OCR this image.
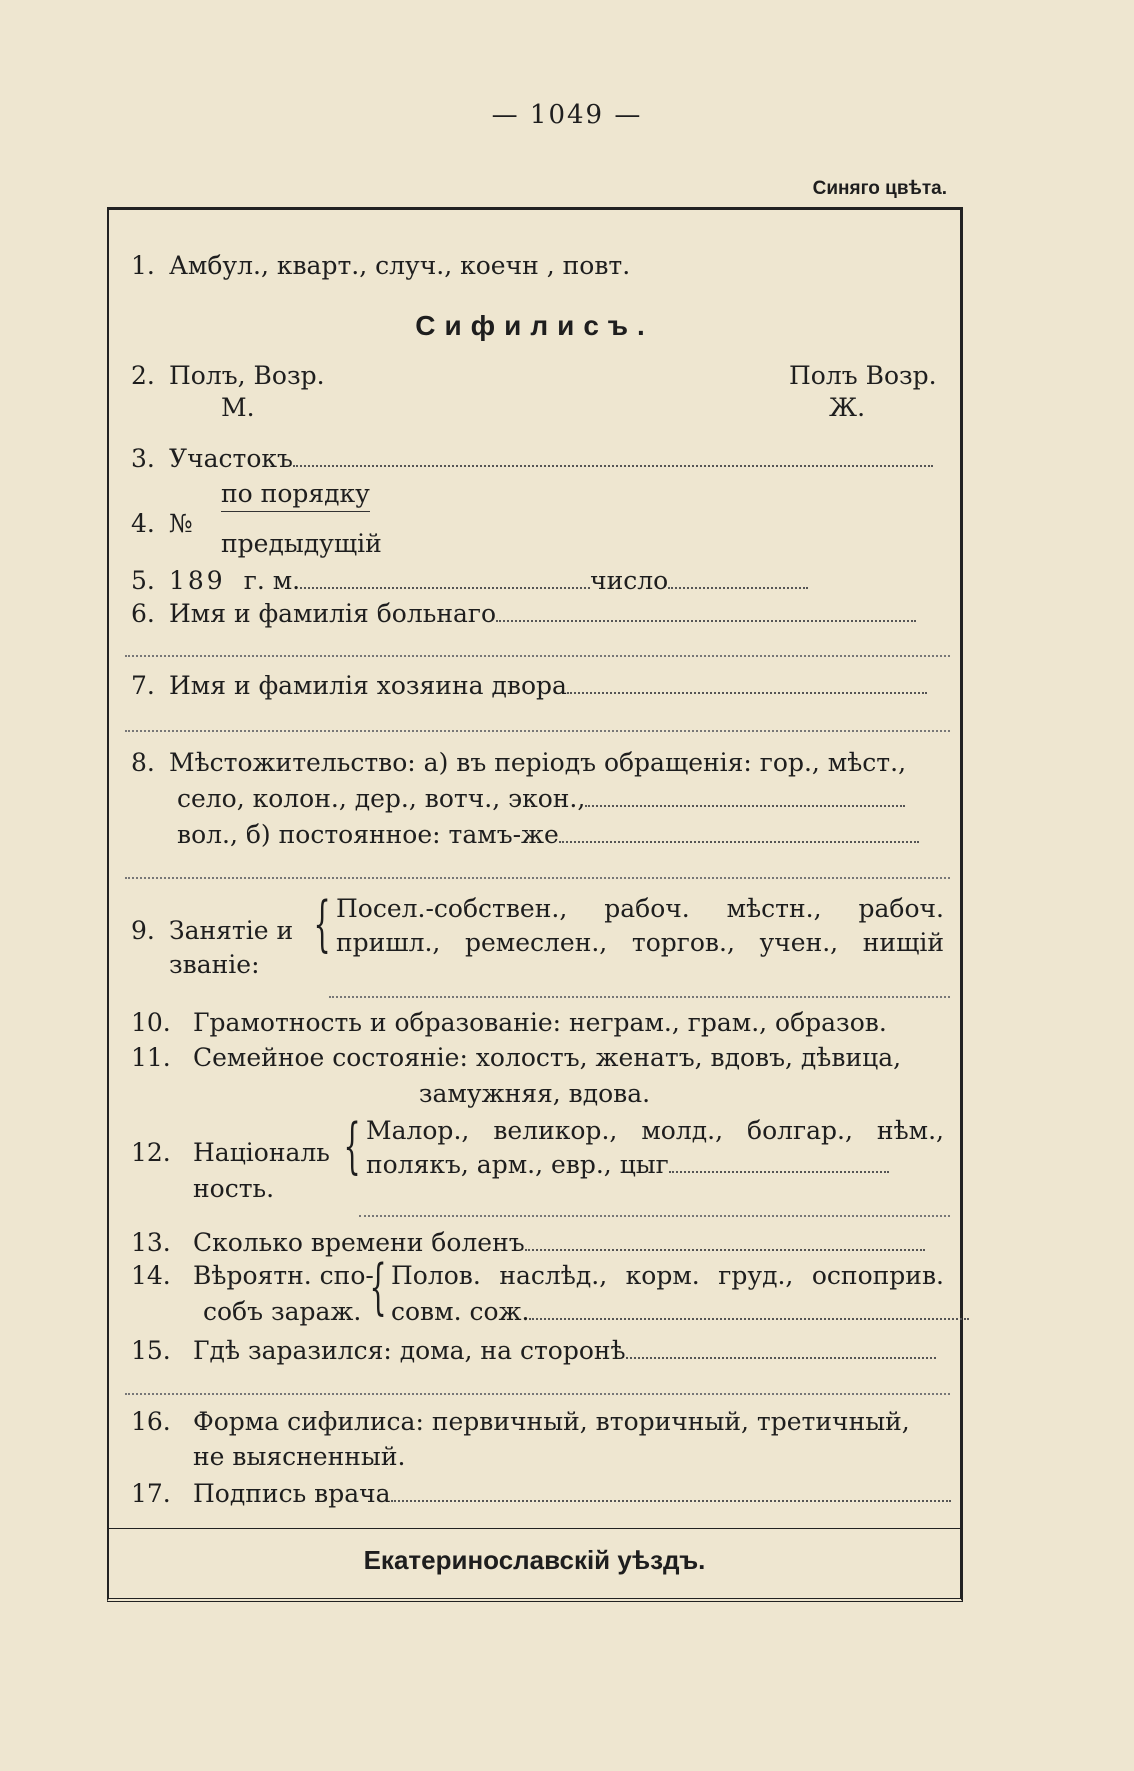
— 1049 —
Синяго цвѣта.
1. Амбул., кварт., случ., коечн , повт.
Сифилисъ.
2. Полъ, Возр.	Полъ Возр.
М.	Ж.
3. Участокъ
4. №
по порядку
предыдущій
5. 189 г. м.	число
6. Имя и фамилія больнаго
7. Имя и фамилія хозяина двора
8. Мѣстожительство: а) въ періодъ обращенія: гор., мѣст.,
село, колон., дер., вотч., экон.,
вол., б) постоянное: тамъ-же
9. Занятіе и
званіе:
{ Посел.-собствен., рабоч. мѣстн., рабоч.
пришл., ремеслен., торгов., учен., нищій
10. Грамотность и образованіе: неграм., грам., образов.
11. Семейное состояніе: холостъ, женатъ, вдовъ, дѣвица,
замужняя, вдова.
12. Національ
ность.
{ Малор., великор., молд., болгар., нѣм.,
полякъ, арм., евр., цыг
13. Сколько времени боленъ
14. Вѣроятн. спо-
собъ зараж. { Полов. наслѣд., корм. груд., оспоприв.
совм. сож.
15. Гдѣ заразился: дома, на сторонѣ
16. Форма сифилиса: первичный, вторичный, третичный,
не выясненный.
17. Подпись врача
Екатеринославскій уѣздъ.
